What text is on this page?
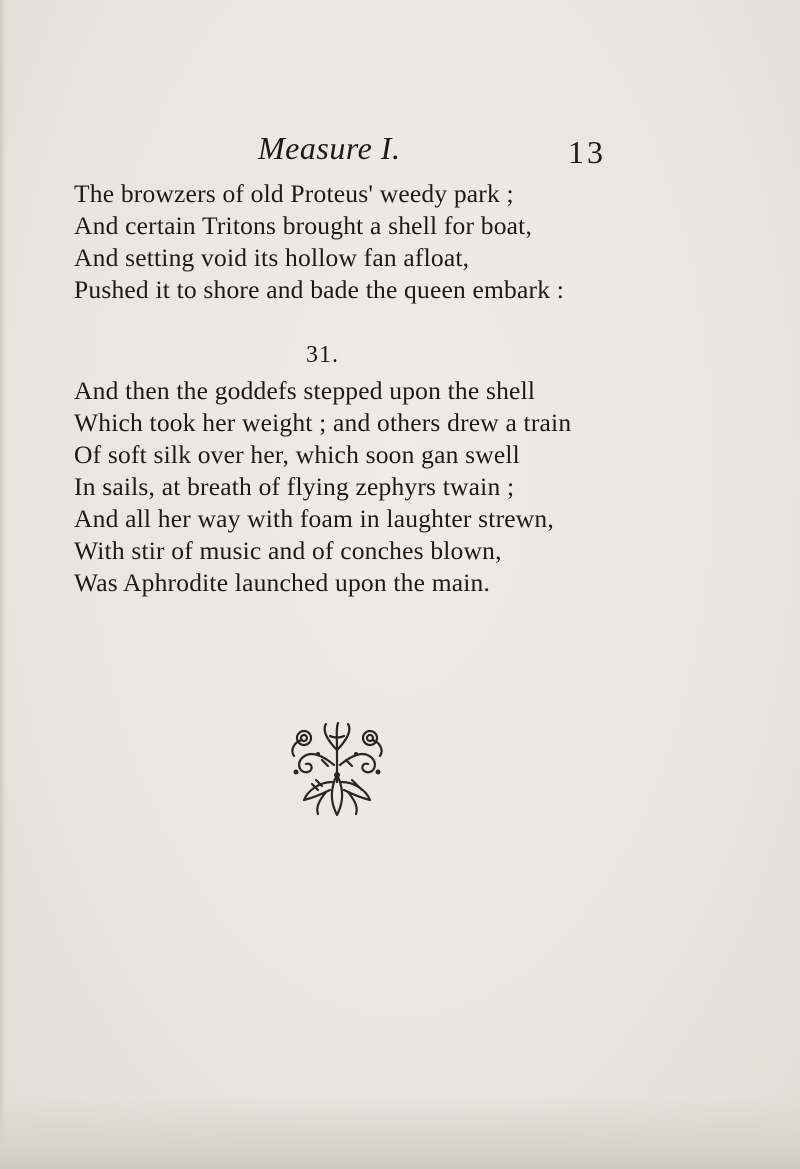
Measure I.	13
The browzers of old Proteus' weedy park ;
And certain Tritons brought a shell for boat,
And setting void its hollow fan afloat,
Pushed it to shore and bade the queen embark :
31.
And then the goddefs stepped upon the shell
Which took her weight ; and others drew a train
Of soft silk over her, which soon gan swell
In sails, at breath of flying zephyrs twain ;
And all her way with foam in laughter strewn,
With stir of music and of conches blown,
Was Aphrodite launched upon the main.
